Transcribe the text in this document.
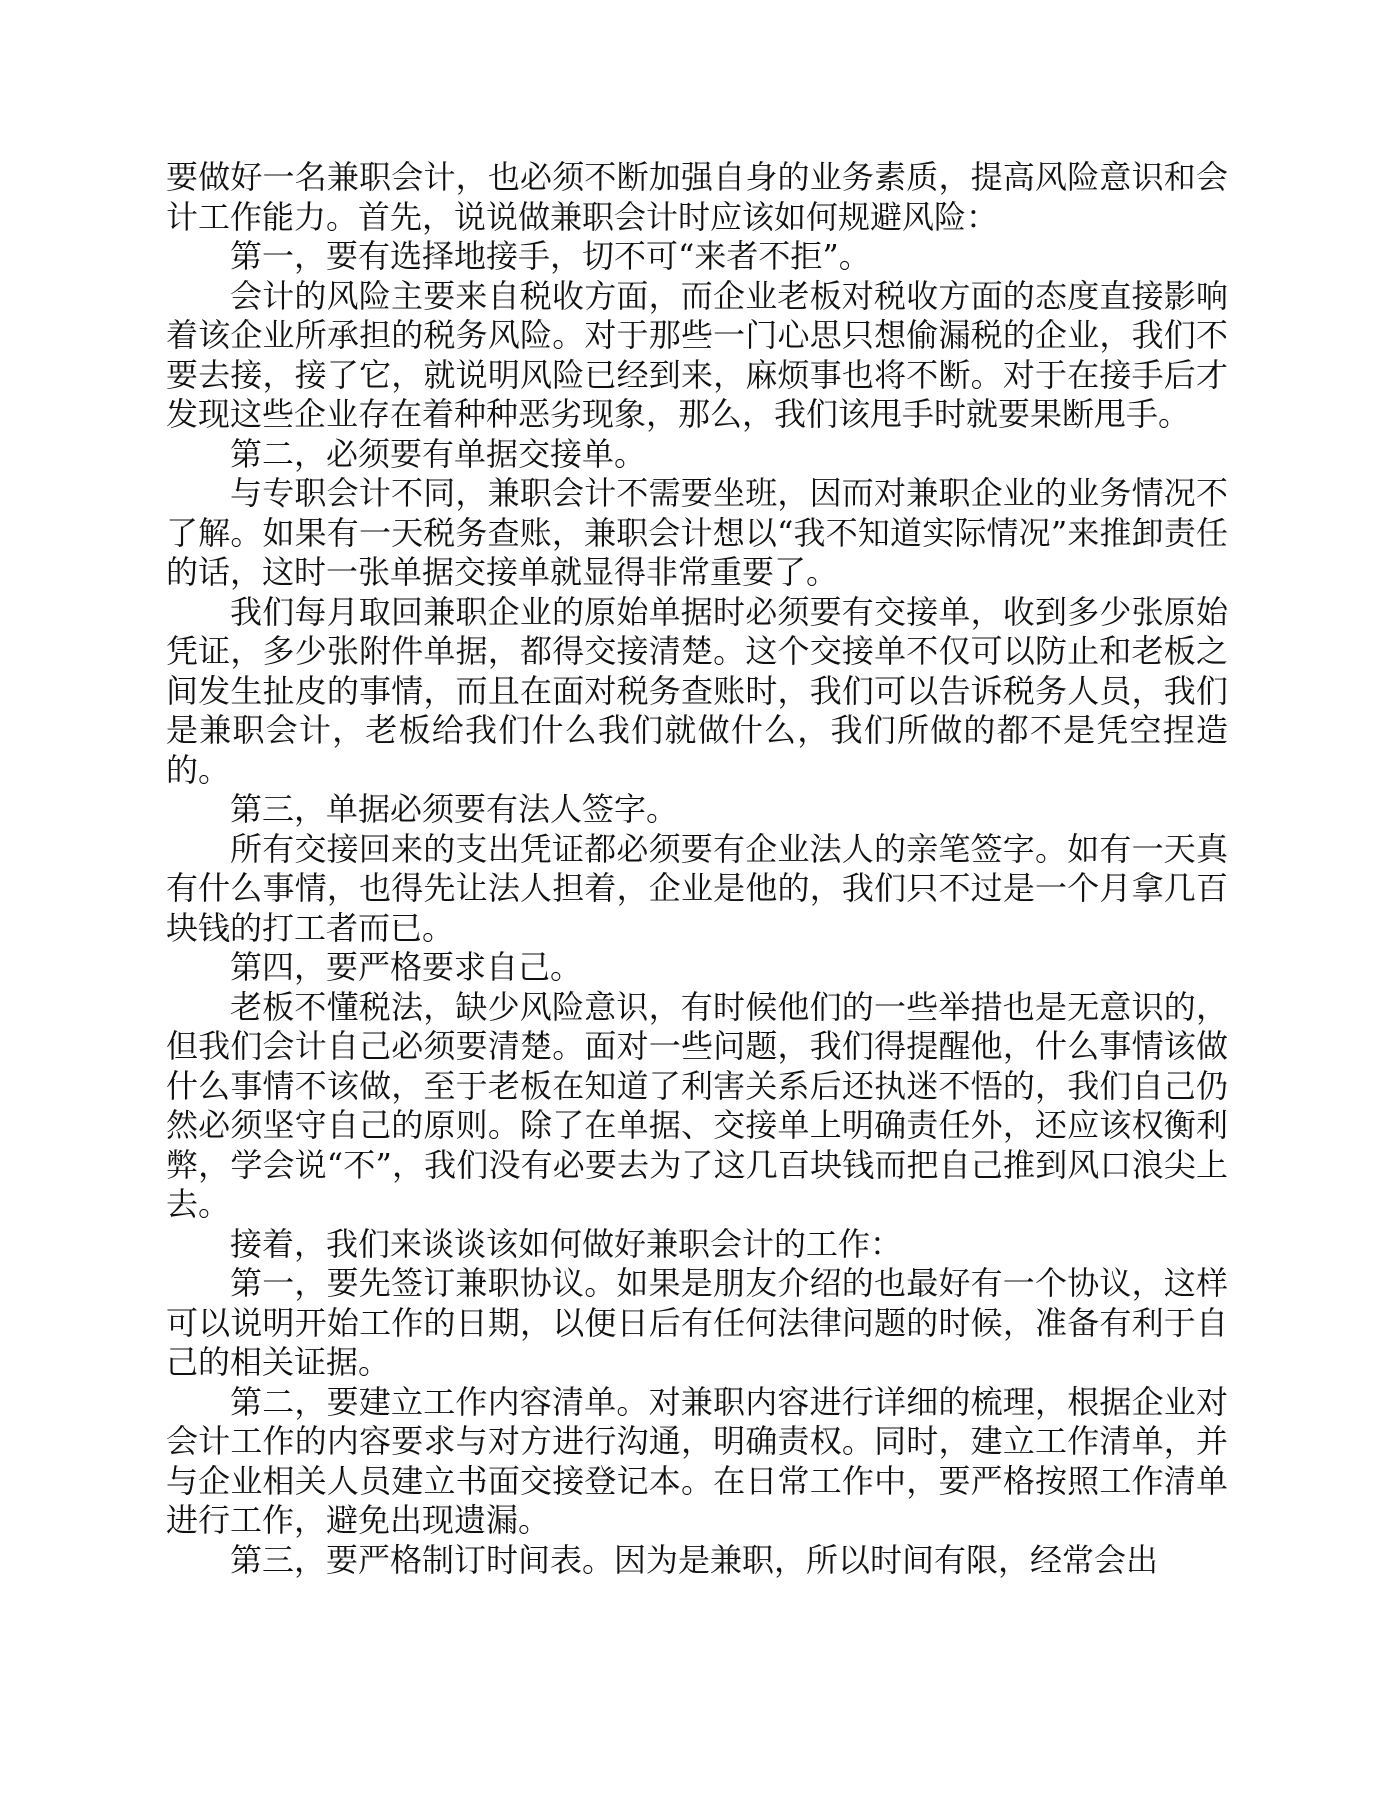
要做好一名兼职会计，也必须不断加强自身的业务素质，提高风险意识和会计工作能力。首先，说说做兼职会计时应该如何规避风险：

第一，要有选择地接手，切不可“来者不拒”。

会计的风险主要来自税收方面，而企业老板对税收方面的态度直接影响着该企业所承担的税务风险。对于那些一门心思只想偷漏税的企业，我们不要去接，接了它，就说明风险已经到来，麻烦事也将不断。对于在接手后才发现这些企业存在着种种恶劣现象，那么，我们该甩手时就要果断甩手。

第二，必须要有单据交接单。

与专职会计不同，兼职会计不需要坐班，因而对兼职企业的业务情况不了解。如果有一天税务查账，兼职会计想以“我不知道实际情况”来推卸责任的话，这时一张单据交接单就显得非常重要了。

我们每月取回兼职企业的原始单据时必须要有交接单，收到多少张原始凭证，多少张附件单据，都得交接清楚。这个交接单不仅可以防止和老板之间发生扯皮的事情，而且在面对税务查账时，我们可以告诉税务人员，我们是兼职会计，老板给我们什么我们就做什么，我们所做的都不是凭空捏造的。

第三，单据必须要有法人签字。

所有交接回来的支出凭证都必须要有企业法人的亲笔签字。如有一天真有什么事情，也得先让法人担着，企业是他的，我们只不过是一个月拿几百块钱的打工者而已。

第四，要严格要求自己。

老板不懂税法，缺少风险意识，有时候他们的一些举措也是无意识的，但我们会计自己必须要清楚。面对一些问题，我们得提醒他，什么事情该做什么事情不该做，至于老板在知道了利害关系后还执迷不悟的，我们自己仍然必须坚守自己的原则。除了在单据、交接单上明确责任外，还应该权衡利弊，学会说“不”，我们没有必要去为了这几百块钱而把自己推到风口浪尖上去。

接着，我们来谈谈该如何做好兼职会计的工作：

第一，要先签订兼职协议。如果是朋友介绍的也最好有一个协议，这样可以说明开始工作的日期，以便日后有任何法律问题的时候，准备有利于自己的相关证据。

第二，要建立工作内容清单。对兼职内容进行详细的梳理，根据企业对会计工作的内容要求与对方进行沟通，明确责权。同时，建立工作清单，并与企业相关人员建立书面交接登记本。在日常工作中，要严格按照工作清单进行工作，避免出现遗漏。

第三，要严格制订时间表。因为是兼职，所以时间有限，经常会出
